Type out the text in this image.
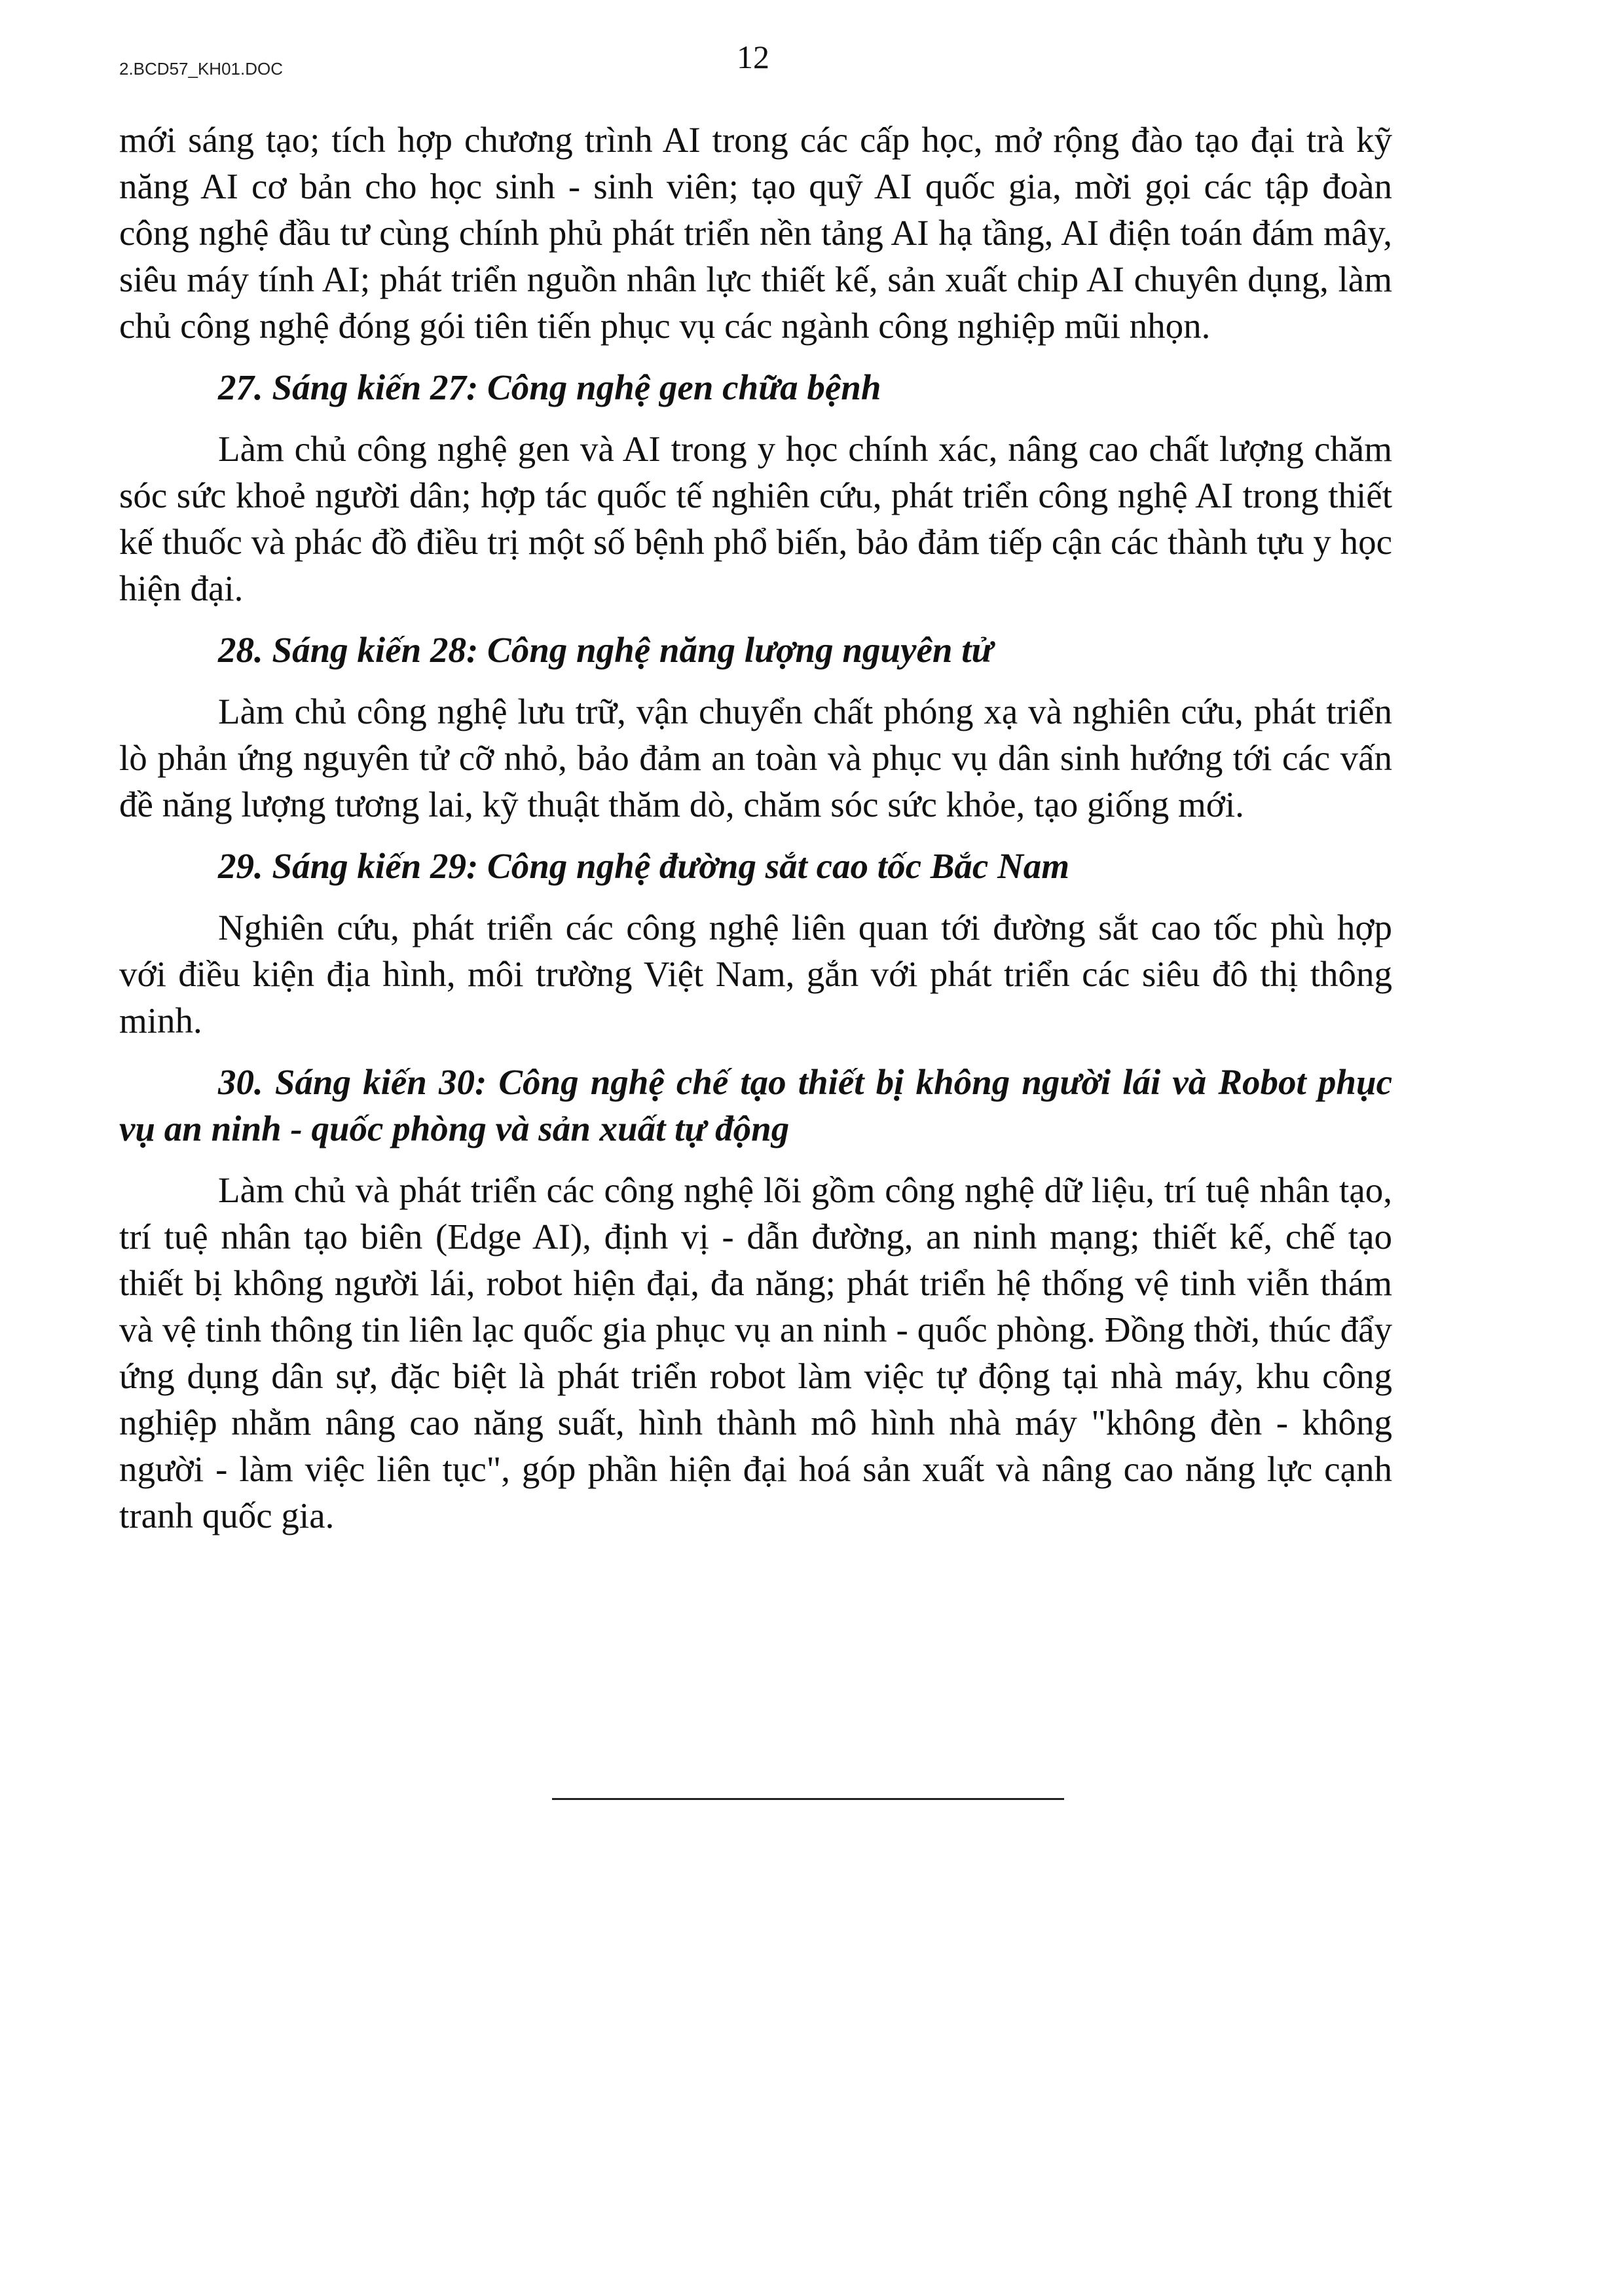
2.BCD57_KH01.DOC	12

mới sáng tạo; tích hợp chương trình AI trong các cấp học, mở rộng đào tạo đại trà kỹ năng AI cơ bản cho học sinh - sinh viên; tạo quỹ AI quốc gia, mời gọi các tập đoàn công nghệ đầu tư cùng chính phủ phát triển nền tảng AI hạ tầng, AI điện toán đám mây, siêu máy tính AI; phát triển nguồn nhân lực thiết kế, sản xuất chip AI chuyên dụng, làm chủ công nghệ đóng gói tiên tiến phục vụ các ngành công nghiệp mũi nhọn.

27. Sáng kiến 27: Công nghệ gen chữa bệnh

Làm chủ công nghệ gen và AI trong y học chính xác, nâng cao chất lượng chăm sóc sức khoẻ người dân; hợp tác quốc tế nghiên cứu, phát triển công nghệ AI trong thiết kế thuốc và phác đồ điều trị một số bệnh phổ biến, bảo đảm tiếp cận các thành tựu y học hiện đại.

28. Sáng kiến 28: Công nghệ năng lượng nguyên tử

Làm chủ công nghệ lưu trữ, vận chuyển chất phóng xạ và nghiên cứu, phát triển lò phản ứng nguyên tử cỡ nhỏ, bảo đảm an toàn và phục vụ dân sinh hướng tới các vấn đề năng lượng tương lai, kỹ thuật thăm dò, chăm sóc sức khỏe, tạo giống mới.

29. Sáng kiến 29: Công nghệ đường sắt cao tốc Bắc Nam

Nghiên cứu, phát triển các công nghệ liên quan tới đường sắt cao tốc phù hợp với điều kiện địa hình, môi trường Việt Nam, gắn với phát triển các siêu đô thị thông minh.

30. Sáng kiến 30: Công nghệ chế tạo thiết bị không người lái và Robot phục vụ an ninh - quốc phòng và sản xuất tự động

Làm chủ và phát triển các công nghệ lõi gồm công nghệ dữ liệu, trí tuệ nhân tạo, trí tuệ nhân tạo biên (Edge AI), định vị - dẫn đường, an ninh mạng; thiết kế, chế tạo thiết bị không người lái, robot hiện đại, đa năng; phát triển hệ thống vệ tinh viễn thám và vệ tinh thông tin liên lạc quốc gia phục vụ an ninh - quốc phòng. Đồng thời, thúc đẩy ứng dụng dân sự, đặc biệt là phát triển robot làm việc tự động tại nhà máy, khu công nghiệp nhằm nâng cao năng suất, hình thành mô hình nhà máy "không đèn - không người - làm việc liên tục", góp phần hiện đại hoá sản xuất và nâng cao năng lực cạnh tranh quốc gia.
